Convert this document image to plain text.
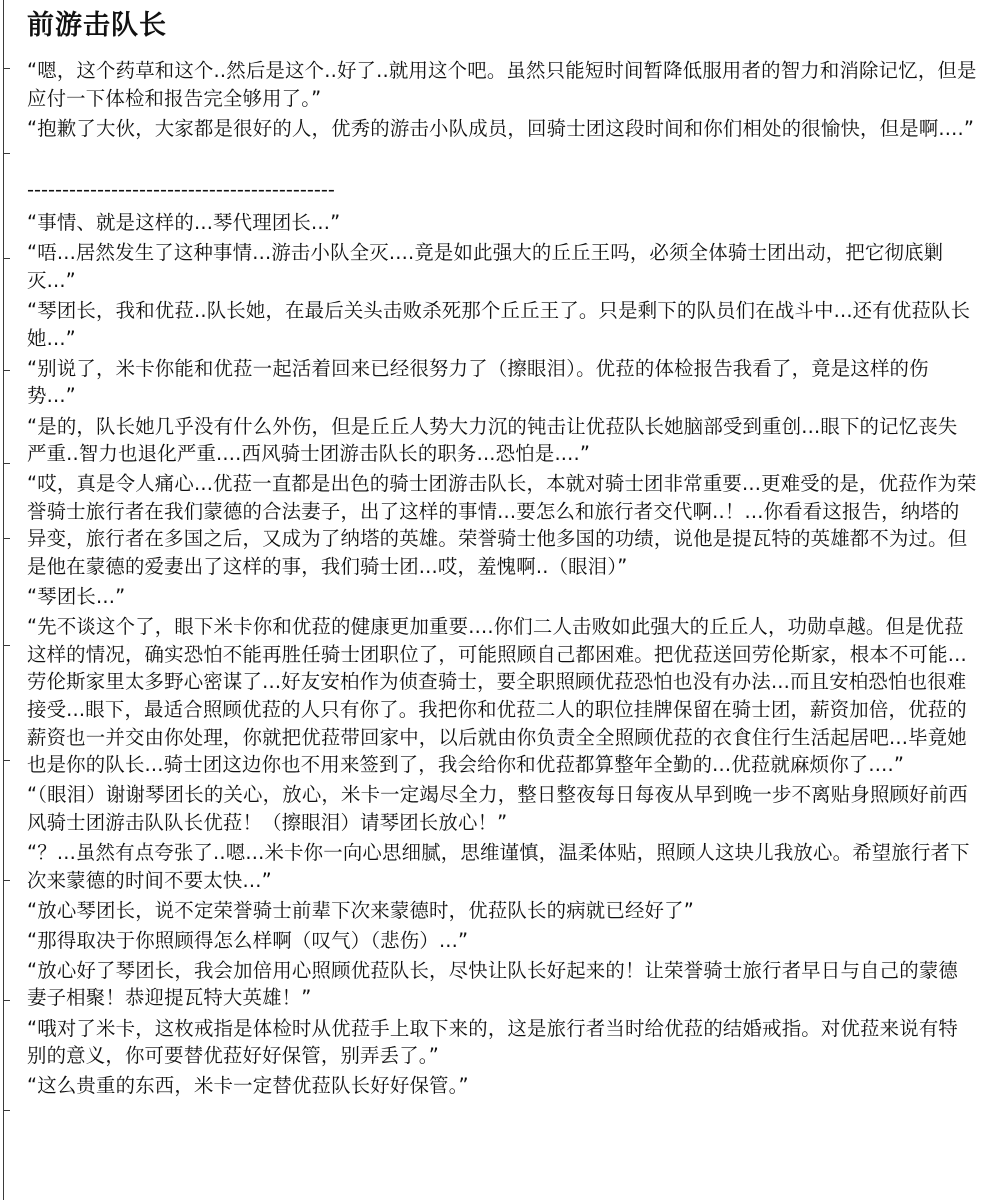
前游击队长

“嗯，这个药草和这个..然后是这个..好了..就用这个吧。虽然只能短时间暂降低服用者的智力和消除记忆，但是应付一下体检和报告完全够用了。”

“抱歉了大伙，大家都是很好的人，优秀的游击小队成员，回骑士团这段时间和你们相处的很愉快，但是啊....”

--------------------------------------------

“事情、就是这样的...琴代理团长...”

“唔...居然发生了这种事情...游击小队全灭....竟是如此强大的丘丘王吗，必须全体骑士团出动，把它彻底剿灭...”

“琴团长，我和优菈..队长她，在最后关头击败杀死那个丘丘王了。只是剩下的队员们在战斗中...还有优菈队长她...”

“别说了，米卡你能和优菈一起活着回来已经很努力了（擦眼泪）。优菈的体检报告我看了，竟是这样的伤势...”

“是的，队长她几乎没有什么外伤，但是丘丘人势大力沉的钝击让优菈队长她脑部受到重创...眼下的记忆丧失严重..智力也退化严重....西风骑士团游击队长的职务...恐怕是....”

“哎，真是令人痛心...优菈一直都是出色的骑士团游击队长，本就对骑士团非常重要...更难受的是，优菈作为荣誉骑士旅行者在我们蒙德的合法妻子，出了这样的事情...要怎么和旅行者交代啊..！...你看看这报告，纳塔的异变，旅行者在多国之后，又成为了纳塔的英雄。荣誉骑士他多国的功绩，说他是提瓦特的英雄都不为过。但是他在蒙德的爱妻出了这样的事，我们骑士团...哎，羞愧啊..（眼泪）”

“琴团长...”

“先不谈这个了，眼下米卡你和优菈的健康更加重要....你们二人击败如此强大的丘丘人，功勋卓越。但是优菈这样的情况，确实恐怕不能再胜任骑士团职位了，可能照顾自己都困难。把优菈送回劳伦斯家，根本不可能...劳伦斯家里太多野心密谋了...好友安柏作为侦查骑士，要全职照顾优菈恐怕也没有办法...而且安柏恐怕也很难接受...眼下，最适合照顾优菈的人只有你了。我把你和优菈二人的职位挂牌保留在骑士团，薪资加倍，优菈的薪资也一并交由你处理，你就把优菈带回家中，以后就由你负责全全照顾优菈的衣食住行生活起居吧...毕竟她也是你的队长...骑士团这边你也不用来签到了，我会给你和优菈都算整年全勤的...优菈就麻烦你了....”

“（眼泪）谢谢琴团长的关心，放心，米卡一定竭尽全力，整日整夜每日每夜从早到晚一步不离贴身照顾好前西风骑士团游击队队长优菈！（擦眼泪）请琴团长放心！”

“？...虽然有点夸张了..嗯...米卡你一向心思细腻，思维谨慎，温柔体贴，照顾人这块儿我放心。希望旅行者下次来蒙德的时间不要太快...”

“放心琴团长，说不定荣誉骑士前辈下次来蒙德时，优菈队长的病就已经好了”

“那得取决于你照顾得怎么样啊（叹气）（悲伤）...”

“放心好了琴团长，我会加倍用心照顾优菈队长，尽快让队长好起来的！让荣誉骑士旅行者早日与自己的蒙德妻子相聚！恭迎提瓦特大英雄！”

“哦对了米卡，这枚戒指是体检时从优菈手上取下来的，这是旅行者当时给优菈的结婚戒指。对优菈来说有特别的意义，你可要替优菈好好保管，别弄丢了。”

“这么贵重的东西，米卡一定替优菈队长好好保管。”
